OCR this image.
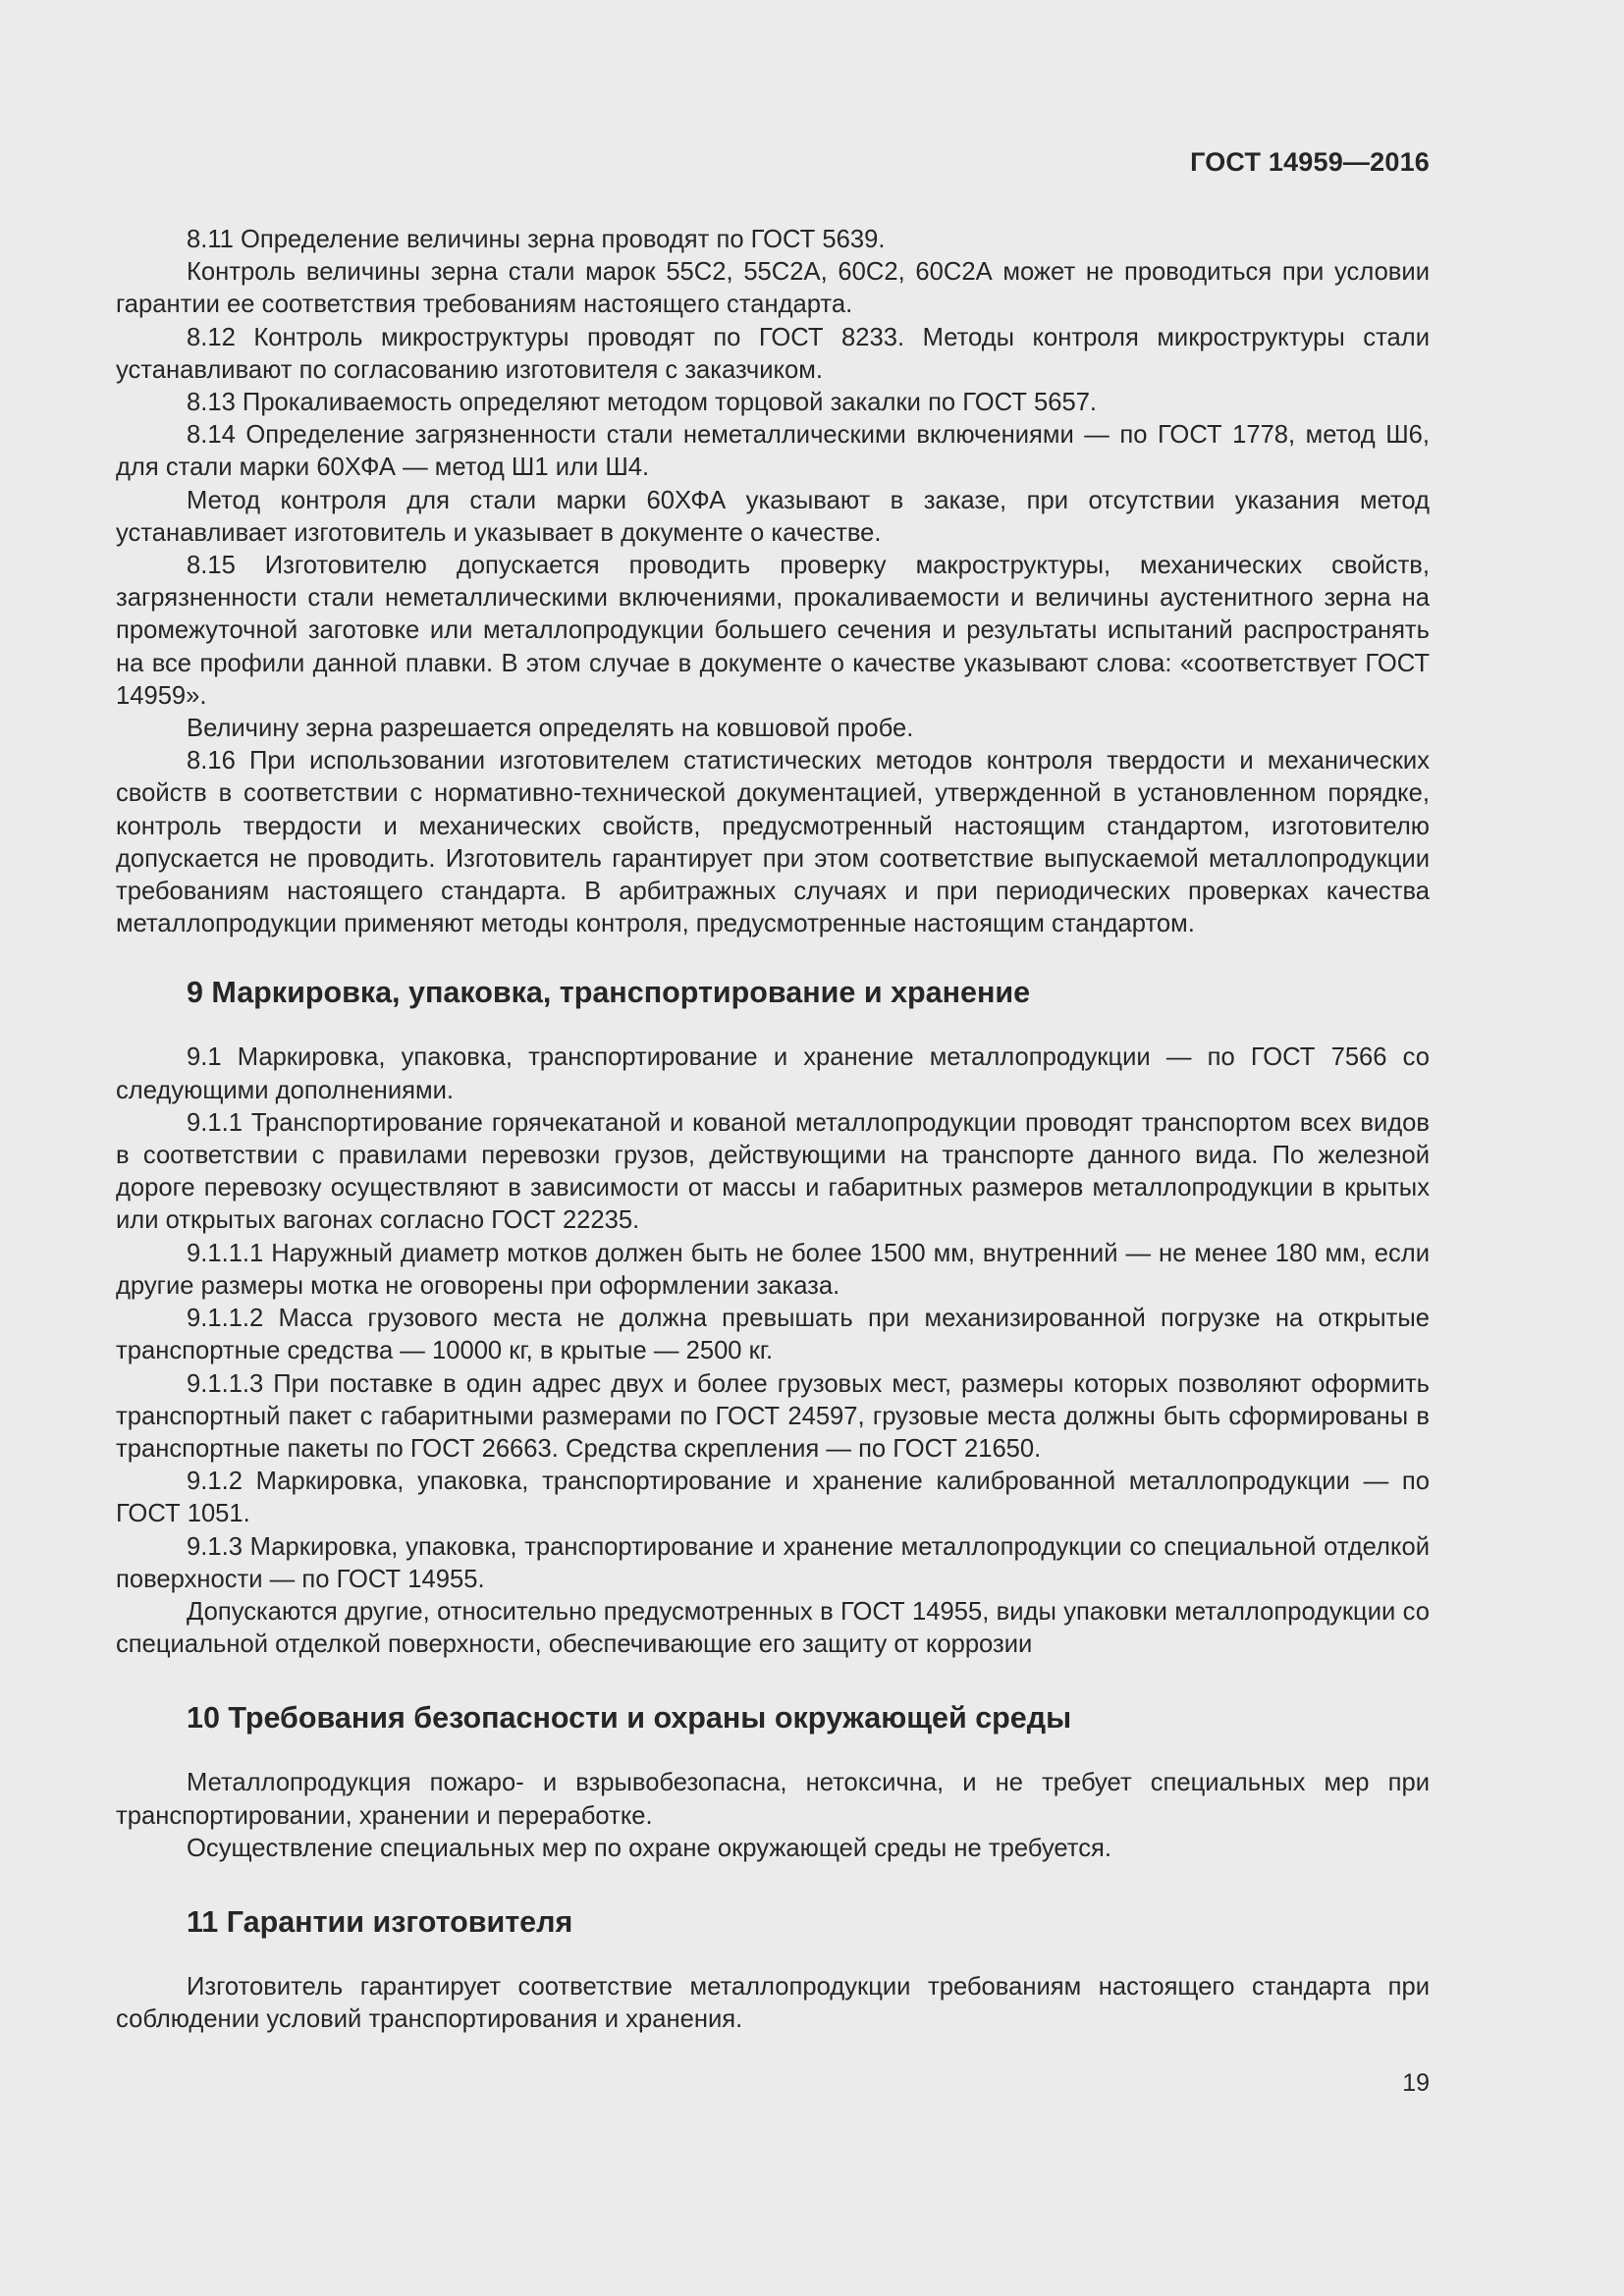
ГОСТ 14959—2016

8.11 Определение величины зерна проводят по ГОСТ 5639.

Контроль величины зерна стали марок 55С2, 55С2А, 60С2, 60С2А может не проводиться при условии гарантии ее соответствия требованиям настоящего стандарта.

8.12 Контроль микроструктуры проводят по ГОСТ 8233. Методы контроля микроструктуры стали устанавливают по согласованию изготовителя с заказчиком.

8.13 Прокаливаемость определяют методом торцовой закалки по ГОСТ 5657.

8.14 Определение загрязненности стали неметаллическими включениями — по ГОСТ 1778, метод Ш6, для стали марки 60ХФА — метод Ш1 или Ш4.

Метод контроля для стали марки 60ХФА указывают в заказе, при отсутствии указания метод устанавливает изготовитель и указывает в документе о качестве.

8.15 Изготовителю допускается проводить проверку макроструктуры, механических свойств, загрязненности стали неметаллическими включениями, прокаливаемости и величины аустенитного зерна на промежуточной заготовке или металлопродукции большего сечения и результаты испытаний распространять на все профили данной плавки. В этом случае в документе о качестве указывают слова: «соответствует ГОСТ 14959».

Величину зерна разрешается определять на ковшовой пробе.

8.16 При использовании изготовителем статистических методов контроля твердости и механических свойств в соответствии с нормативно-технической документацией, утвержденной в установленном порядке, контроль твердости и механических свойств, предусмотренный настоящим стандартом, изготовителю допускается не проводить. Изготовитель гарантирует при этом соответствие выпускаемой металлопродукции требованиям настоящего стандарта. В арбитражных случаях и при периодических проверках качества металлопродукции применяют методы контроля, предусмотренные настоящим стандартом.

9 Маркировка, упаковка, транспортирование и хранение

9.1 Маркировка, упаковка, транспортирование и хранение металлопродукции — по ГОСТ 7566 со следующими дополнениями.

9.1.1 Транспортирование горячекатаной и кованой металлопродукции проводят транспортом всех видов в соответствии с правилами перевозки грузов, действующими на транспорте данного вида. По железной дороге перевозку осуществляют в зависимости от массы и габаритных размеров металлопродукции в крытых или открытых вагонах согласно ГОСТ 22235.

9.1.1.1 Наружный диаметр мотков должен быть не более 1500 мм, внутренний — не менее 180 мм, если другие размеры мотка не оговорены при оформлении заказа.

9.1.1.2 Масса грузового места не должна превышать при механизированной погрузке на открытые транспортные средства — 10000 кг, в крытые — 2500 кг.

9.1.1.3 При поставке в один адрес двух и более грузовых мест, размеры которых позволяют оформить транспортный пакет с габаритными размерами по ГОСТ 24597, грузовые места должны быть сформированы в транспортные пакеты по ГОСТ 26663. Средства скрепления — по ГОСТ 21650.

9.1.2 Маркировка, упаковка, транспортирование и хранение калиброванной металлопродукции — по ГОСТ 1051.

9.1.3 Маркировка, упаковка, транспортирование и хранение металлопродукции со специальной отделкой поверхности — по ГОСТ 14955.

Допускаются другие, относительно предусмотренных в ГОСТ 14955, виды упаковки металлопродукции со специальной отделкой поверхности, обеспечивающие его защиту от коррозии

10 Требования безопасности и охраны окружающей среды

Металлопродукция пожаро- и взрывобезопасна, нетоксична, и не требует специальных мер при транспортировании, хранении и переработке.

Осуществление специальных мер по охране окружающей среды не требуется.

11 Гарантии изготовителя

Изготовитель гарантирует соответствие металлопродукции требованиям настоящего стандарта при соблюдении условий транспортирования и хранения.

19
